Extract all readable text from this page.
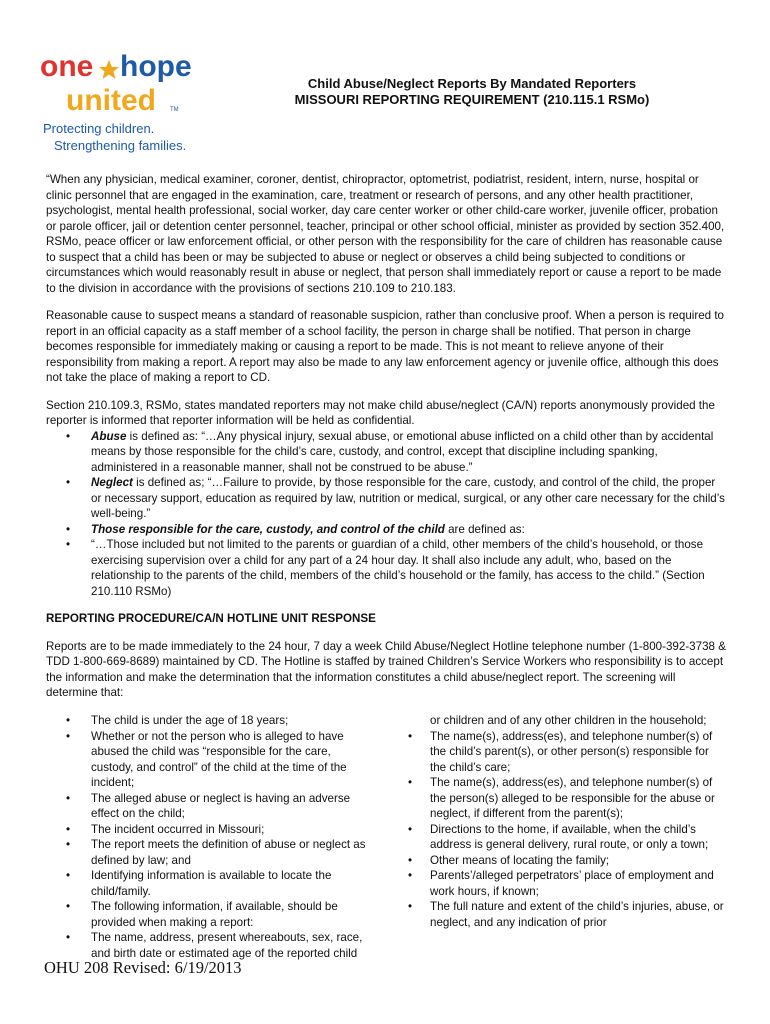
one hope
united TM
Protecting children.
Strengthening families.
Child Abuse/Neglect Reports By Mandated Reporters
MISSOURI REPORTING REQUIREMENT (210.115.1 RSMo)

“When any physician, medical examiner, coroner, dentist, chiropractor, optometrist, podiatrist, resident, intern, nurse, hospital or clinic personnel that are engaged in the examination, care, treatment or research of persons, and any other health practitioner, psychologist, mental health professional, social worker, day care center worker or other child-care worker, juvenile officer, probation or parole officer, jail or detention center personnel, teacher, principal or other school official, minister as provided by section 352.400, RSMo, peace officer or law enforcement official, or other person with the responsibility for the care of children has reasonable cause to suspect that a child has been or may be subjected to abuse or neglect or observes a child being subjected to conditions or circumstances which would reasonably result in abuse or neglect, that person shall immediately report or cause a report to be made to the division in accordance with the provisions of sections 210.109 to 210.183.

Reasonable cause to suspect means a standard of reasonable suspicion, rather than conclusive proof. When a person is required to report in an official capacity as a staff member of a school facility, the person in charge shall be notified. That person in charge becomes responsible for immediately making or causing a report to be made. This is not meant to relieve anyone of their responsibility from making a report. A report may also be made to any law enforcement agency or juvenile office, although this does not take the place of making a report to CD.

Section 210.109.3, RSMo, states mandated reporters may not make child abuse/neglect (CA/N) reports anonymously provided the reporter is informed that reporter information will be held as confidential.

• Abuse is defined as: “…Any physical injury, sexual abuse, or emotional abuse inflicted on a child other than by accidental means by those responsible for the child’s care, custody, and control, except that discipline including spanking, administered in a reasonable manner, shall not be construed to be abuse.”
• Neglect is defined as; “…Failure to provide, by those responsible for the care, custody, and control of the child, the proper or necessary support, education as required by law, nutrition or medical, surgical, or any other care necessary for the child’s well-being.”
• Those responsible for the care, custody, and control of the child are defined as:
• “…Those included but not limited to the parents or guardian of a child, other members of the child’s household, or those exercising supervision over a child for any part of a 24 hour day. It shall also include any adult, who, based on the relationship to the parents of the child, members of the child’s household or the family, has access to the child.” (Section 210.110 RSMo)

REPORTING PROCEDURE/CA/N HOTLINE UNIT RESPONSE

Reports are to be made immediately to the 24 hour, 7 day a week Child Abuse/Neglect Hotline telephone number (1-800-392-3738 & TDD 1-800-669-8689) maintained by CD. The Hotline is staffed by trained Children’s Service Workers who responsibility is to accept the information and make the determination that the information constitutes a child abuse/neglect report. The screening will determine that:

• The child is under the age of 18 years;
• Whether or not the person who is alleged to have abused the child was “responsible for the care, custody, and control” of the child at the time of the incident;
• The alleged abuse or neglect is having an adverse effect on the child;
• The incident occurred in Missouri;
• The report meets the definition of abuse or neglect as defined by law; and
• Identifying information is available to locate the child/family.
• The following information, if available, should be provided when making a report:
• The name, address, present whereabouts, sex, race, and birth date or estimated age of the reported child
or children and of any other children in the household;
• The name(s), address(es), and telephone number(s) of the child’s parent(s), or other person(s) responsible for the child’s care;
• The name(s), address(es), and telephone number(s) of the person(s) alleged to be responsible for the abuse or neglect, if different from the parent(s);
• Directions to the home, if available, when the child’s address is general delivery, rural route, or only a town;
• Other means of locating the family;
• Parents’/alleged perpetrators’ place of employment and work hours, if known;
• The full nature and extent of the child’s injuries, abuse, or neglect, and any indication of prior
OHU 208 Revised: 6/19/2013
